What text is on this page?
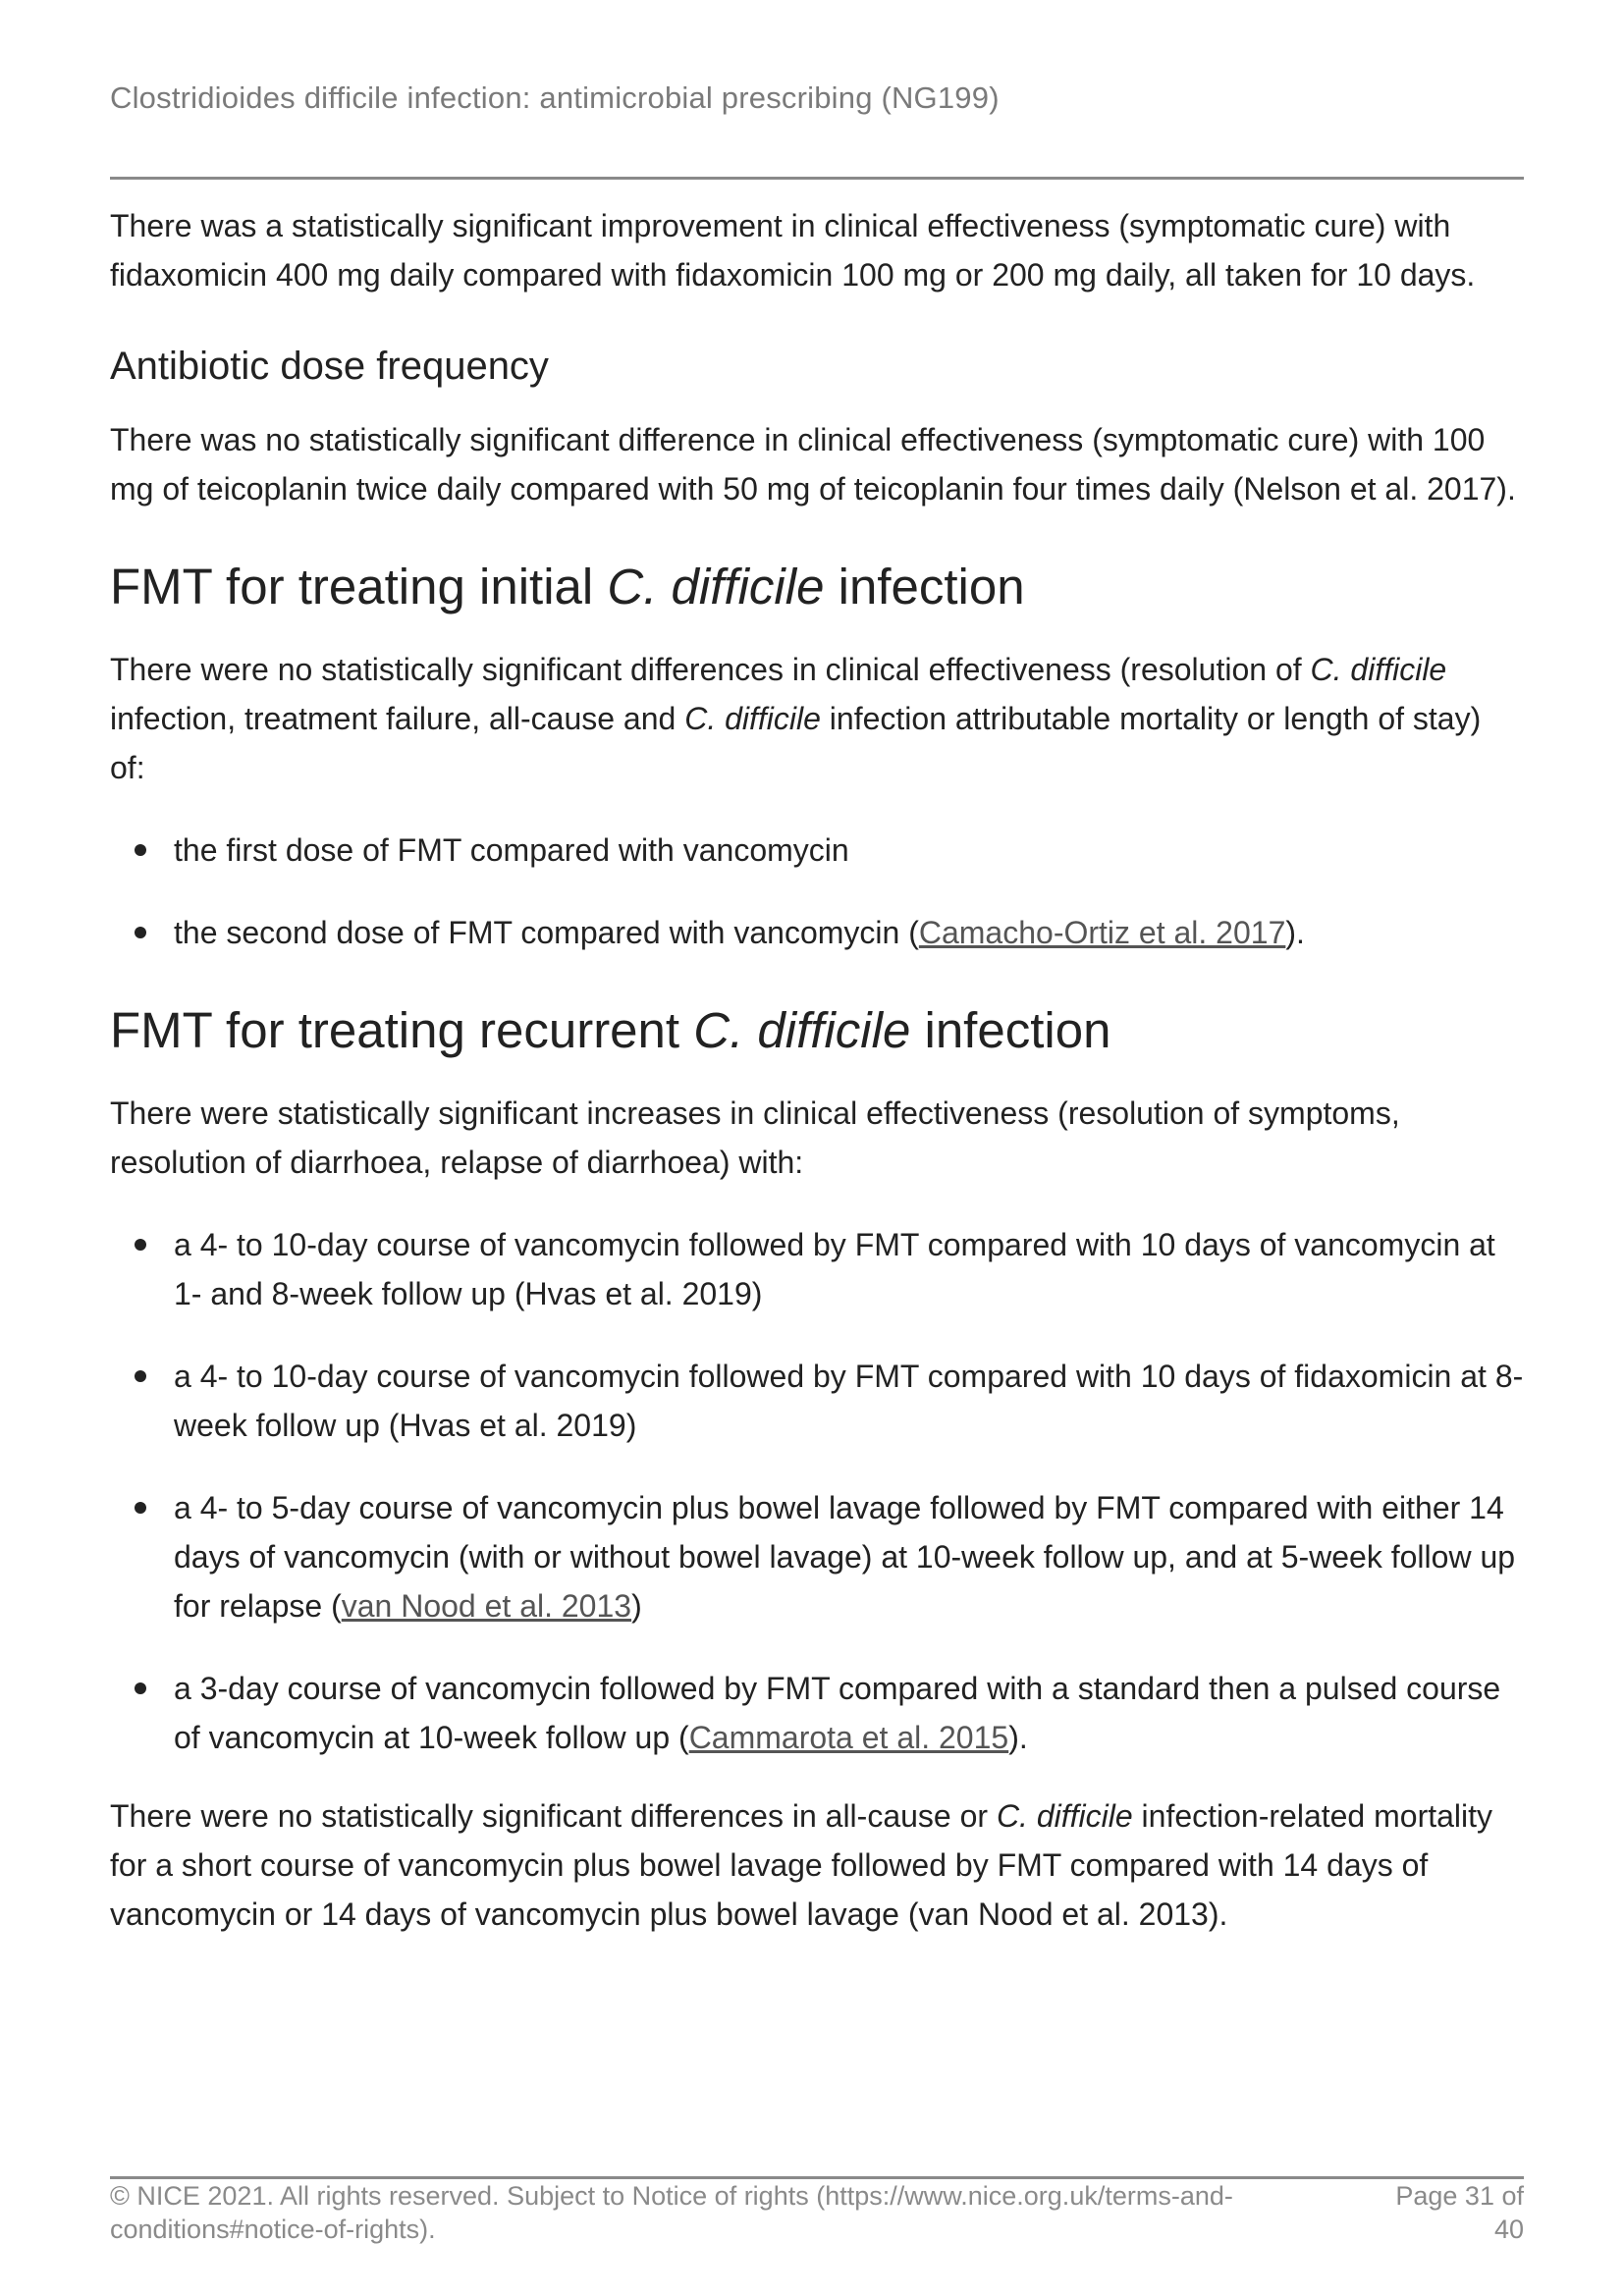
Clostridioides difficile infection: antimicrobial prescribing (NG199)

There was a statistically significant improvement in clinical effectiveness (symptomatic cure) with fidaxomicin 400 mg daily compared with fidaxomicin 100 mg or 200 mg daily, all taken for 10 days.

Antibiotic dose frequency

There was no statistically significant difference in clinical effectiveness (symptomatic cure) with 100 mg of teicoplanin twice daily compared with 50 mg of teicoplanin four times daily (Nelson et al. 2017).

FMT for treating initial C. difficile infection

There were no statistically significant differences in clinical effectiveness (resolution of C. difficile infection, treatment failure, all-cause and C. difficile infection attributable mortality or length of stay) of:

the first dose of FMT compared with vancomycin
the second dose of FMT compared with vancomycin (Camacho-Ortiz et al. 2017).
FMT for treating recurrent C. difficile infection

There were statistically significant increases in clinical effectiveness (resolution of symptoms, resolution of diarrhoea, relapse of diarrhoea) with:

a 4- to 10-day course of vancomycin followed by FMT compared with 10 days of vancomycin at 1- and 8-week follow up (Hvas et al. 2019)
a 4- to 10-day course of vancomycin followed by FMT compared with 10 days of fidaxomicin at 8-week follow up (Hvas et al. 2019)
a 4- to 5-day course of vancomycin plus bowel lavage followed by FMT compared with either 14 days of vancomycin (with or without bowel lavage) at 10-week follow up, and at 5-week follow up for relapse (van Nood et al. 2013)
a 3-day course of vancomycin followed by FMT compared with a standard then a pulsed course of vancomycin at 10-week follow up (Cammarota et al. 2015).

There were no statistically significant differences in all-cause or C. difficile infection-related mortality for a short course of vancomycin plus bowel lavage followed by FMT compared with 14 days of vancomycin or 14 days of vancomycin plus bowel lavage (van Nood et al. 2013).

© NICE 2021. All rights reserved. Subject to Notice of rights (https://www.nice.org.uk/terms-and-conditions#notice-of-rights).
Page 31 of 40
